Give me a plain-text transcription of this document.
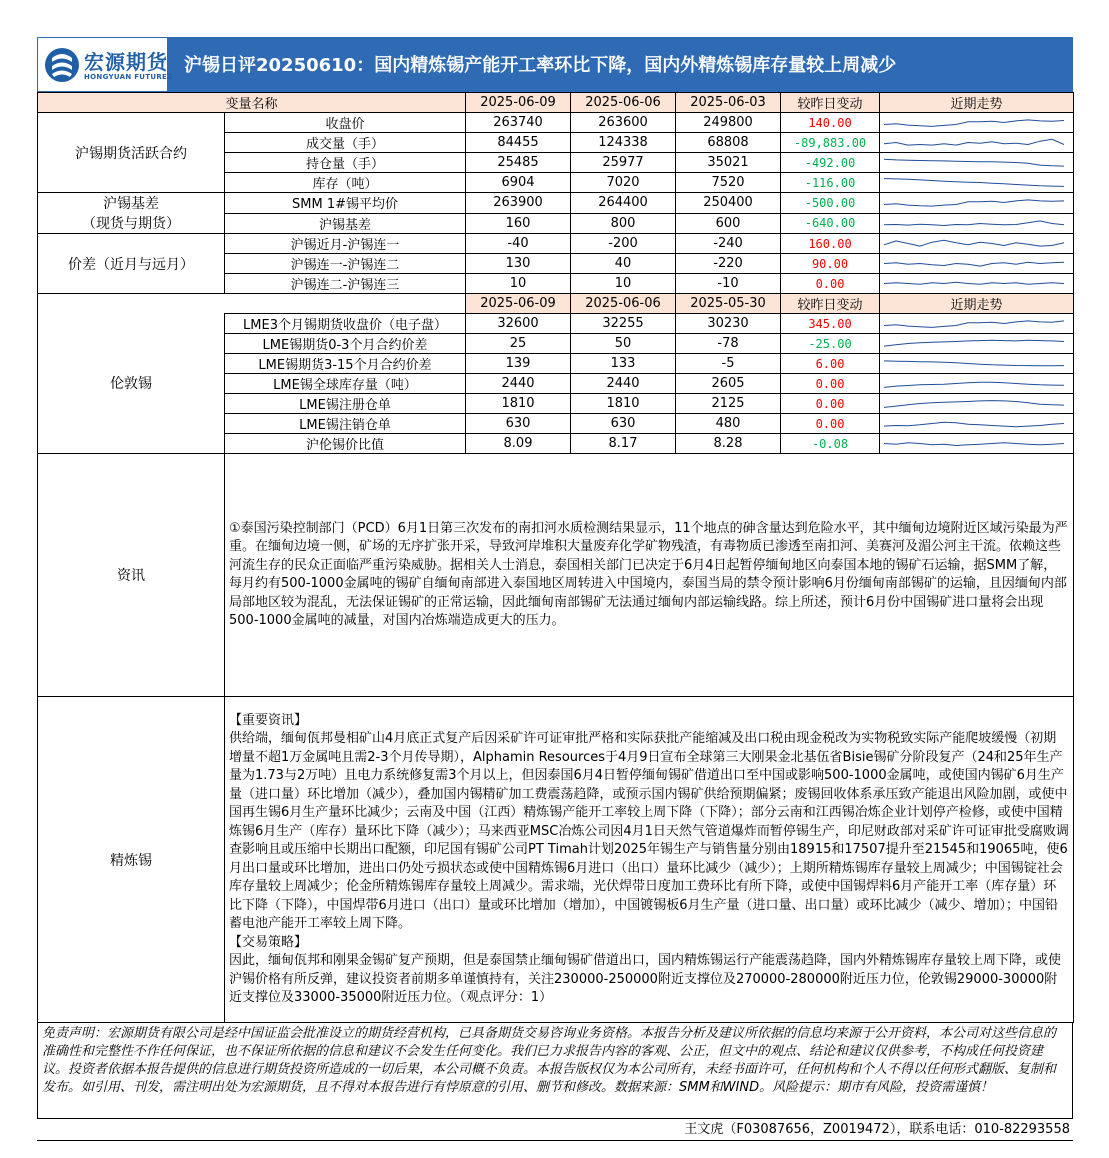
宏源期货
HONGYUAN FUTURES
沪锡日评20250610：国内精炼锡产能开工率环比下降，国内外精炼锡库存量较上周减少
变量名称		2025-06-09	2025-06-06	2025-06-03	较昨日变动	近期走势
沪锡期货活跃合约	收盘价	263740	263600	249800	140.00	

	成交量（手）	84455	124338	68808	-89,883.00	

	持仓量（手）	25485	25977	35021	-492.00	

	库存（吨）	6904	7020	7520	-116.00	

沪锡基差
（现货与期货）	SMM 1#锡平均价	263900	264400	250400	-500.00	

	沪锡基差	160	800	600	-640.00	

价差（近月与远月）	沪锡近月-沪锡连一	-40	-200	-240	160.00	

	沪锡连一-沪锡连二	130	40	-220	90.00	

	沪锡连二-沪锡连三	10	10	-10	0.00	

		2025-06-09	2025-06-06	2025-05-30	较昨日变动	近期走势
伦敦锡	LME3个月锡期货收盘价（电子盘）	32600	32255	30230	345.00	

	LME锡期货0-3个月合约价差	25	50	-78	-25.00	

	LME锡期货3-15个月合约价差	139	133	-5	6.00	

	LME锡全球库存量（吨）	2440	2440	2605	0.00	

	LME锡注册仓单	1810	1810	2125	0.00	

	LME锡注销仓单	630	630	480	0.00	

	沪伦锡价比值	8.09	8.17	8.28	-0.08	

资讯	①泰国污染控制部门（PCD）6月1日第三次发布的南扣河水质检测结果显示，11个地点的砷含量达到危险水平，其中缅甸边境附近区域污染最为严重。在缅甸边境一侧，矿场的无序扩张开采，导致河岸堆积大量废弃化学矿物残渣，有毒物质已渗透至南扣河、美赛河及湄公河主干流。依赖这些河流生存的民众正面临严重污染威胁。据相关人士消息，泰国相关部门已决定于6月4日起暂停缅甸地区向泰国本地的锡矿石运输，据SMM了解，每月约有500-1000金属吨的锡矿自缅甸南部进入泰国地区周转进入中国境内，泰国当局的禁令预计影响6月份缅甸南部锡矿的运输，且因缅甸内部局部地区较为混乱，无法保证锡矿的正常运输，因此缅甸南部锡矿无法通过缅甸内部运输线路。综上所述，预计6月份中国锡矿进口量将会出现500-1000金属吨的减量，对国内冶炼端造成更大的压力。					
精炼锡	【重要资讯】
供给端，缅甸佤邦曼相矿山4月底正式复产后因采矿许可证审批严格和实际获批产能缩减及出口税由现金税改为实物税致实际产能爬坡缓慢（初期增量不超1万金属吨且需2-3个月传导期），Alphamin Resources于4月9日宣布全球第三大刚果金北基伍省Bisie锡矿分阶段复产（24和25年生产量为1.73与2万吨）且电力系统修复需3个月以上，但因泰国6月4日暂停缅甸锡矿借道出口至中国或影响500-1000金属吨，或使国内锡矿6月生产量（进口量）环比增加（减少），叠加国内锡精矿加工费震荡趋降，或预示国内锡矿供给预期偏紧；废锡回收体系承压致产能退出风险加剧，或使中国再生锡6月生产量环比减少；云南及中国（江西）精炼锡产能开工率较上周下降（下降）；部分云南和江西锡冶炼企业计划停产检修，或使中国精炼锡6月生产（库存）量环比下降（减少）；马来西亚MSC冶炼公司因4月1日天然气管道爆炸而暂停锡生产，印尼财政部对采矿许可证审批受腐败调查影响且或压缩中长期出口配额，印尼国有锡矿公司PT Timah计划2025年锡生产与销售量分别由18915和17507提升至21545和19065吨，使6月出口量或环比增加，进出口仍处亏损状态或使中国精炼锡6月进口（出口）量环比减少（减少）；上期所精炼锡库存量较上周减少；中国锡锭社会库存量较上周减少；伦金所精炼锡库存量较上周减少。需求端，光伏焊带日度加工费环比有所下降，或使中国锡焊料6月产能开工率（库存量）环比下降（下降），中国焊带6月进口（出口）量或环比增加（增加），中国镀锡板6月生产量（进口量、出口量）或环比减少（减少、增加）；中国铅蓄电池产能开工率较上周下降。
【交易策略】
因此，缅甸佤邦和刚果金锡矿复产预期，但是泰国禁止缅甸锡矿借道出口，国内精炼锡运行产能震荡趋降，国内外精炼锡库存量较上周下降，或使沪锡价格有所反弹，建议投资者前期多单谨慎持有，关注230000-250000附近支撑位及270000-280000附近压力位，伦敦锡29000-30000附近支撑位及33000-35000附近压力位。（观点评分：1）					
免责声明：宏源期货有限公司是经中国证监会批准设立的期货经营机构，已具备期货交易咨询业务资格。本报告分析及建议所依据的信息均来源于公开资料，本公司对这些信息的准确性和完整性不作任何保证，也不保证所依据的信息和建议不会发生任何变化。我们已力求报告内容的客观、公正，但文中的观点、结论和建议仅供参考，不构成任何投资建议。投资者依据本报告提供的信息进行期货投资所造成的一切后果，本公司概不负责。本报告版权仅为本公司所有，未经书面许可，任何机构和个人不得以任何形式翻版、复制和发布。如引用、刊发，需注明出处为宏源期货，且不得对本报告进行有悖原意的引用、删节和修改。数据来源：SMM和WIND。风险提示：期市有风险，投资需谨慎！
王文虎（F03087656，Z0019472），联系电话：010-82293558
